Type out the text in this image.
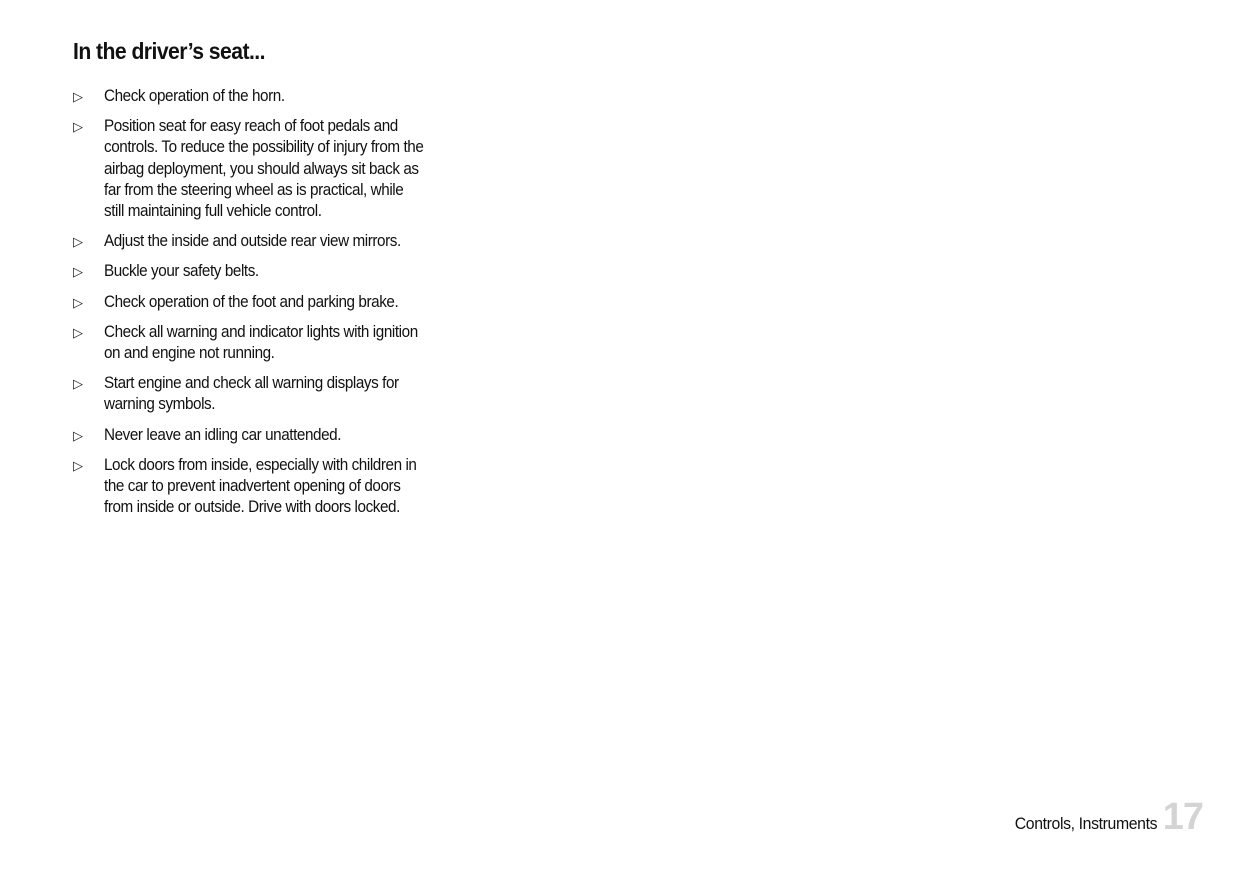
In the driver’s seat...
▷	Check operation of the horn.
▷	Position seat for easy reach of foot pedals and controls. To reduce the possibility of injury from the airbag deployment, you should always sit back as far from the steering wheel as is practical, while still maintaining full vehicle control.
▷	Adjust the inside and outside rear view mirrors.
▷	Buckle your safety belts.
▷	Check operation of the foot and parking brake.
▷	Check all warning and indicator lights with ignition on and engine not running.
▷	Start engine and check all warning displays for warning symbols.
▷	Never leave an idling car unattended.
▷	Lock doors from inside, especially with children in the car to prevent inadvertent opening of doors from inside or outside. Drive with doors locked.
Controls, Instruments 17
